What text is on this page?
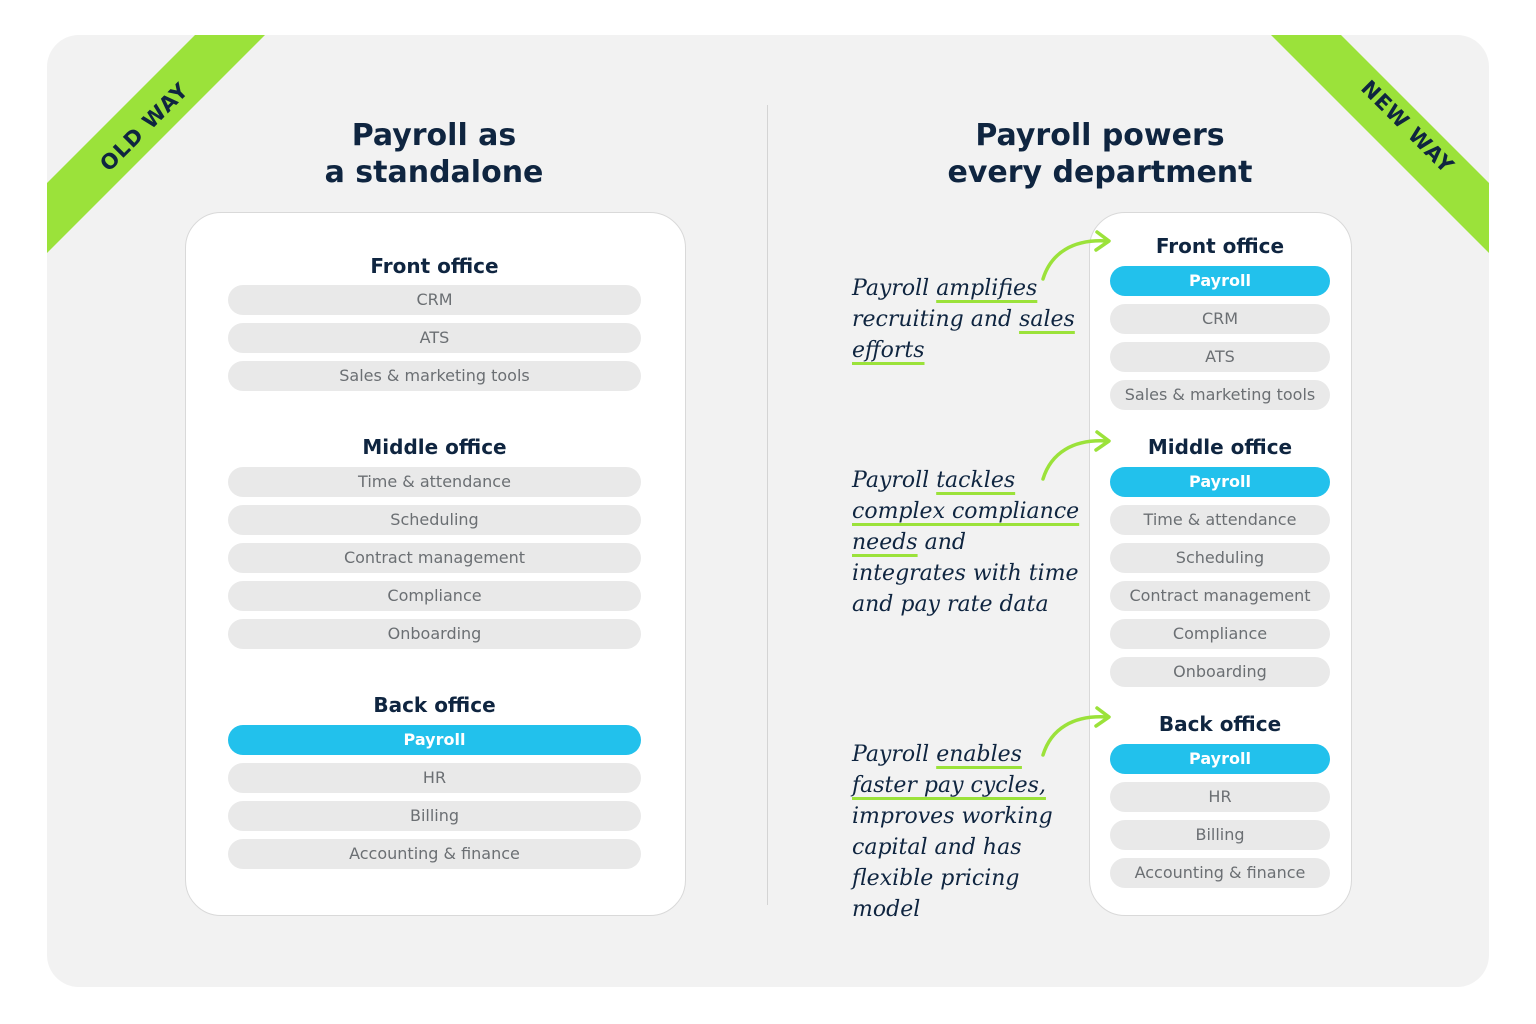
OLD WAY	NEW WAY
Payroll as
a standalone
Payroll powers
every department
Front office
CRM
ATS
Sales & marketing tools
Middle office
Time & attendance
Scheduling
Contract management
Compliance
Onboarding
Back office
Payroll
HR
Billing
Accounting & finance
Front office
Payroll
CRM
ATS
Sales & marketing tools
Middle office
Payroll
Time & attendance
Scheduling
Contract management
Compliance
Onboarding
Back office
Payroll
HR
Billing
Accounting & finance
Payroll amplifies recruiting and sales efforts
Payroll tackles complex compliance needs and integrates with time and pay rate data
Payroll enables faster pay cycles, improves working capital and has flexible pricing model
